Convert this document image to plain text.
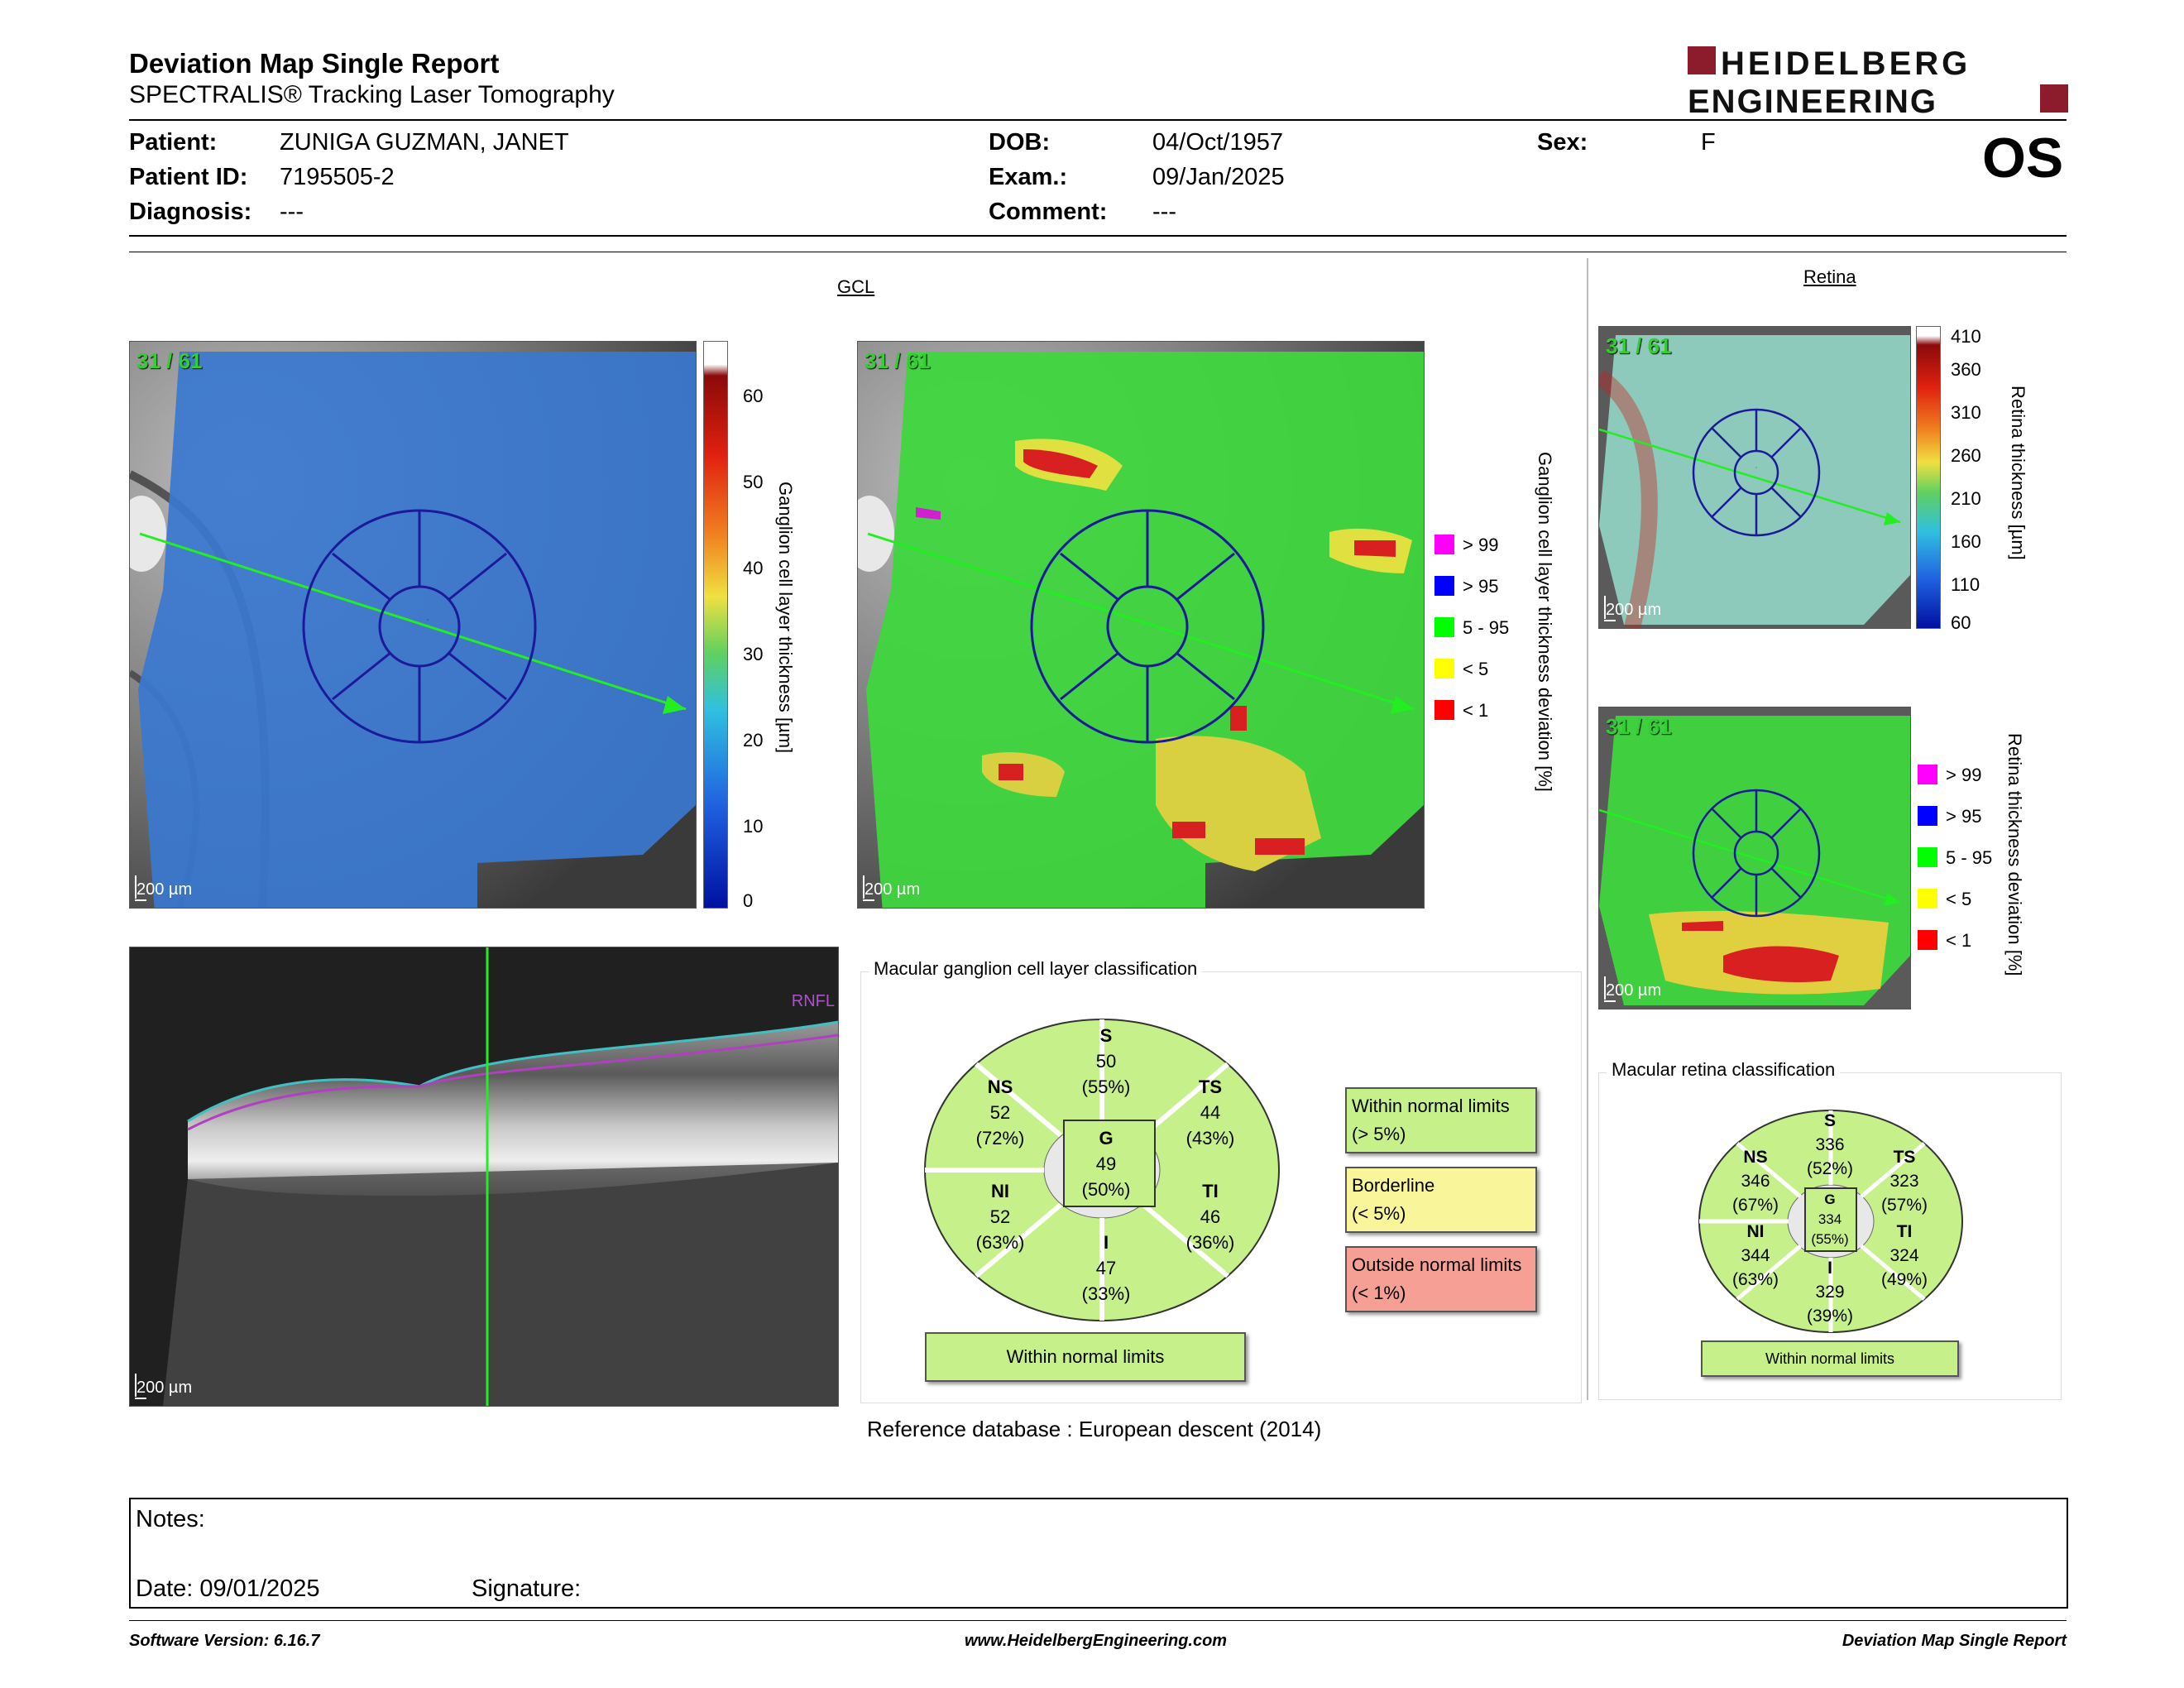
Deviation Map Single Report
SPECTRALIS® Tracking Laser Tomography
HEIDELBERG
ENGINEERING
Patient:	ZUNIGA GUZMAN, JANET
Patient ID: 7195505-2
Diagnosis: ---
DOB:	04/Oct/1957
Exam.:	09/Jan/2025
Comment: ---
Sex:	F	OS
GCL
31 / 61
200 µm
60
50
40
30
20
10
0
Ganglion cell layer thickness [µm]
31 / 61
200 µm
> 99
> 95
5 - 95
< 5
< 1	Ganglion cell layer thickness deviation [%]
RNFL
200 µm
Macular ganglion cell layer classification
S
50
(55%)
NS
52
(72%)
TS
44
(43%)
G
49
(50%)
NI
52
(63%)
TI
46
(36%)
I
47
(33%)
Within normal limits
Within normal limits
(> 5%)
Borderline
(< 5%)
Outside normal limits
(< 1%)
Reference database : European descent (2014)
Retina
31 / 61
200 µm
410
360
310
260
210
160
110
60
Retina thickness [µm]
31 / 61
200 µm
> 99
> 95
5 - 95
< 5
< 1 Retina thickness deviation [%]
Macular retina classification
S
336
(52%)
NS
346
(67%)
TS
323
(57%)
G
334
(55%)
NI
344
(63%)
TI
324
(49%)
I
329
(39%)
Within normal limits
Notes:
Date: 09/01/2025	Signature:
Software Version: 6.16.7	www.HeidelbergEngineering.com	Deviation Map Single Report
